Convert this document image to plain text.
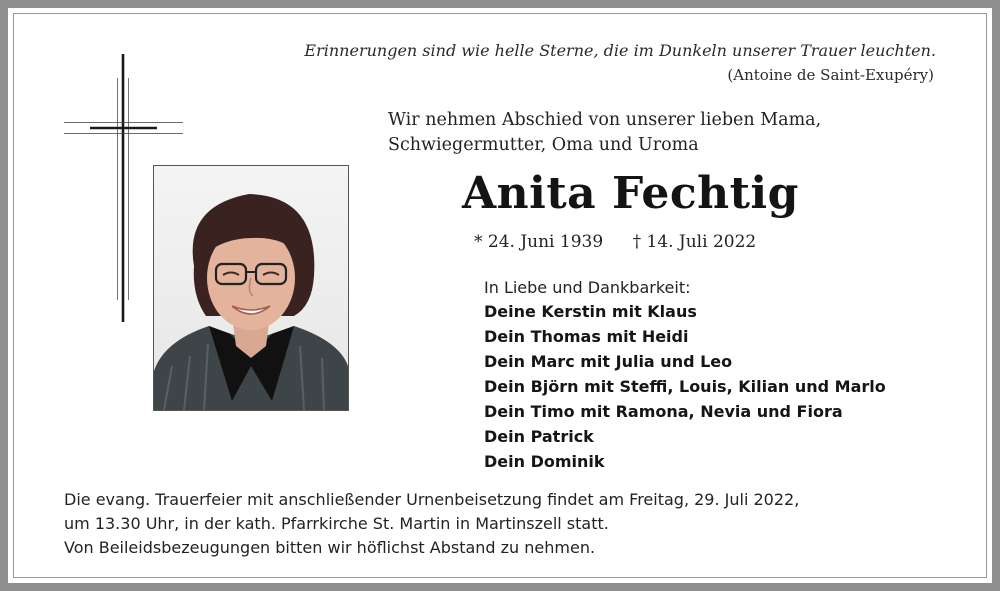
Erinnerungen sind wie helle Sterne, die im Dunkeln unserer Trauer leuchten.
(Antoine de Saint-Exupéry)
Wir nehmen Abschied von unserer lieben Mama,
Schwiegermutter, Oma und Uroma
Anita Fechtig
* 24. Juni 1939 † 14. Juli 2022
In Liebe und Dankbarkeit:
Deine Kerstin mit Klaus
Dein Thomas mit Heidi
Dein Marc mit Julia und Leo
Dein Björn mit Steffi, Louis, Kilian und Marlo
Dein Timo mit Ramona, Nevia und Fiora
Dein Patrick
Dein Dominik
Die evang. Trauerfeier mit anschließender Urnenbeisetzung findet am Freitag, 29. Juli 2022,
um 13.30 Uhr, in der kath. Pfarrkirche St. Martin in Martinszell statt.
Von Beileidsbezeugungen bitten wir höflichst Abstand zu nehmen.
